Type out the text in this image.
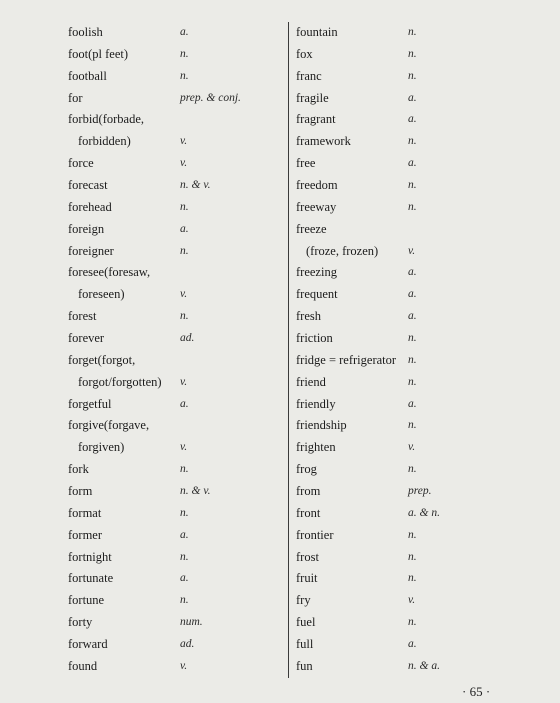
foolish	a.
foot(pl feet)	n.
football	n.
for	prep. & conj.
forbid(forbade,
forbidden)	v.
force	v.
forecast	n. & v.
forehead	n.
foreign	a.
foreigner	n.
foresee(foresaw,
foreseen)	v.
forest	n.
forever	ad.
forget(forgot,
forgot/forgotten) v.
forgetful	a.
forgive(forgave,
forgiven)	v.
fork	n.
form	n. & v.
format	n.
former	a.
fortnight	n.
fortunate	a.
fortune	n.
forty	num.
forward	ad.
found	v.
fountain	n.
fox	n.
franc	n.
fragile	a.
fragrant	a.
framework	n.
free	a.
freedom	n.
freeway	n.
freeze
(froze, frozen)	v.
freezing	a.
frequent	a.
fresh	a.
friction	n.
fridge = refrigerator n.
friend	n.
friendly	a.
friendship	n.
frighten	v.
frog	n.
from	prep.
front	a. & n.
frontier	n.
frost	n.
fruit	n.
fry	v.
fuel	n.
full	a.
fun	n. & a.
· 65 ·
